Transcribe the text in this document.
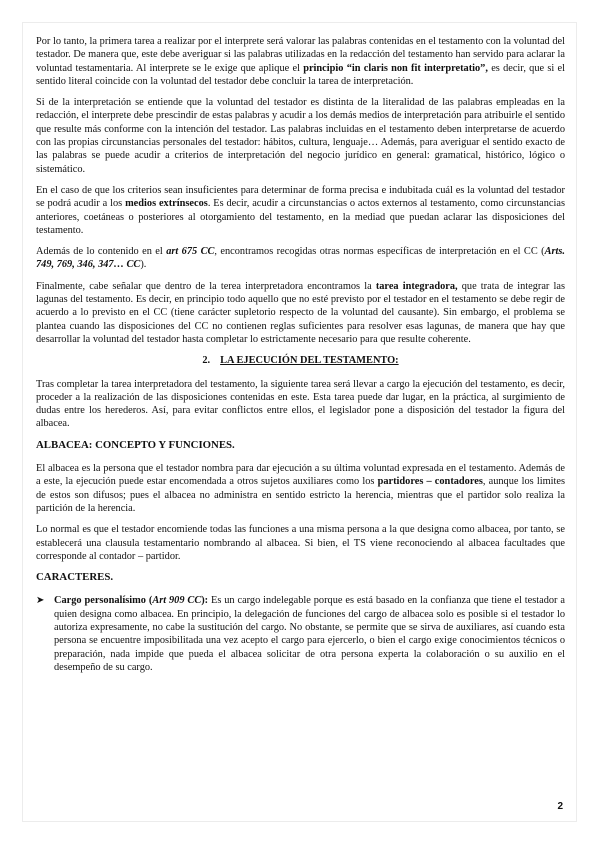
Por lo tanto, la primera tarea a realizar por el interprete será valorar las palabras contenidas en el testamento con la voluntad del testador. De manera que, este debe averiguar si las palabras utilizadas en la redacción del testamento han servido para aclarar la voluntad testamentaria. Al interprete se le exige que aplique el principio “in claris non fit interpretatio”, es decir, que si el sentido literal coincide con la voluntad del testador debe concluir la tarea de interpretación.

Si de la interpretación se entiende que la voluntad del testador es distinta de la literalidad de las palabras empleadas en la redacción, el interprete debe prescindir de estas palabras y acudir a los demás medios de interpretación para atribuirle el sentido que resulte más conforme con la intención del testador. Las palabras incluidas en el testamento deben interpretarse de acuerdo con las propias circunstancias personales del testador: hábitos, cultura, lenguaje… Además, para averiguar el sentido exacto de las palabras se puede acudir a criterios de interpretación del negocio jurídico en general: gramatical, histórico, lógico o sistemático.

En el caso de que los criterios sean insuficientes para determinar de forma precisa e indubitada cuál es la voluntad del testador se podrá acudir a los medios extrínsecos. Es decir, acudir a circunstancias o actos externos al testamento, como circunstancias anteriores, coetáneas o posteriores al otorgamiento del testamento, en la mediad que puedan aclarar las disposiciones del testamento.

Además de lo contenido en el art 675 CC, encontramos recogidas otras normas específicas de interpretación en el CC (Arts. 749, 769, 346, 347… CC).

Finalmente, cabe señalar que dentro de la terea interpretadora encontramos la tarea integradora, que trata de integrar las lagunas del testamento. Es decir, en principio todo aquello que no esté previsto por el testador en el testamento se debe regir de acuerdo a lo previsto en el CC (tiene carácter supletorio respecto de la voluntad del causante). Sin embargo, el problema se plantea cuando las disposiciones del CC no contienen reglas suficientes para resolver esas lagunas, de manera que hay que desarrollar la voluntad del testador hasta completar lo estrictamente necesario para que resulte coherente.

2. LA EJECUCIÓN DEL TESTAMENTO:

Tras completar la tarea interpretadora del testamento, la siguiente tarea será llevar a cargo la ejecución del testamento, es decir, proceder a la realización de las disposiciones contenidas en este. Esta tarea puede dar lugar, en la práctica, al surgimiento de dudas entre los herederos. Así, para evitar conflictos entre ellos, el legislador pone a disposición del testador la figura del albacea.

ALBACEA: CONCEPTO Y FUNCIONES.

El albacea es la persona que el testador nombra para dar ejecución a su última voluntad expresada en el testamento. Además de a este, la ejecución puede estar encomendada a otros sujetos auxiliares como los partidores – contadores, aunque los limites de estos son difusos; pues el albacea no administra en sentido estricto la herencia, mientras que el partidor solo realiza la partición de la herencia.

Lo normal es que el testador encomiende todas las funciones a una misma persona a la que designa como albacea, por tanto, se establecerá una clausula testamentario nombrando al albacea. Si bien, el TS viene reconociendo al albacea facultades que corresponde al contador – partidor.

CARACTERES.
➤ Cargo personalísimo (Art 909 CC): Es un cargo indelegable porque es está basado en la confianza que tiene el testador a quien designa como albacea. En principio, la delegación de funciones del cargo de albacea solo es posible si el testador lo autoriza expresamente, no cabe la sustitución del cargo. No obstante, se permite que se sirva de auxiliares, así cuando esta persona se encuentre imposibilitada una vez acepto el cargo para ejercerlo, o bien el cargo exige conocimientos técnicos o preparación, nada impide que pueda el albacea solicitar de otra persona experta la colaboración o su auxilio en el desempeño de su cargo.
2
